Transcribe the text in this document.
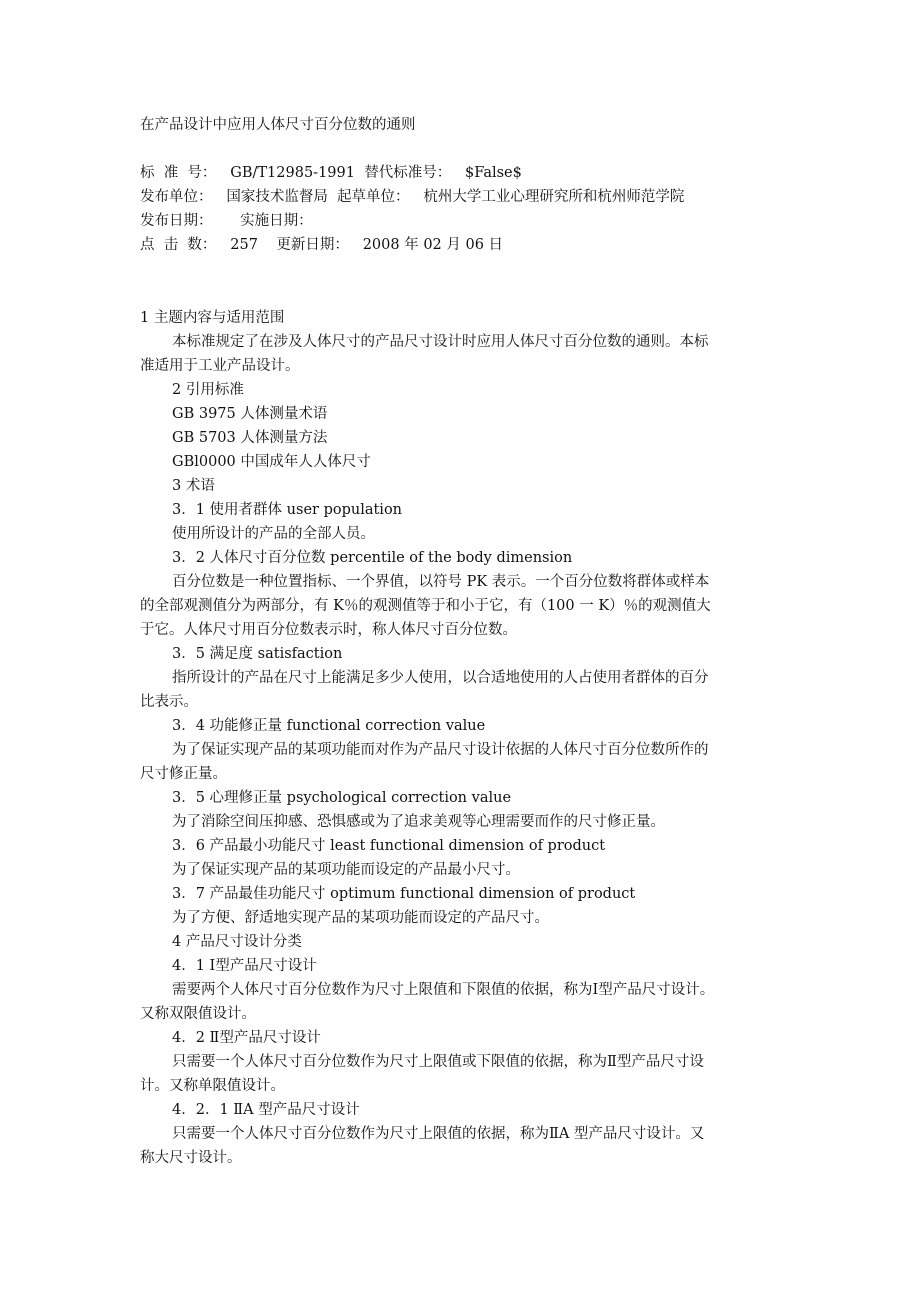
在产品设计中应用人体尺寸百分位数的通则
标  准  号：   GB/T12985-1991  替代标准号：   $False$
发布单位：   国家技术监督局  起草单位：   杭州大学工业心理研究所和杭州师范学院
发布日期：      实施日期：
点  击  数：   257    更新日期：   2008 年 02 月 06 日
1 主题内容与适用范围
本标准规定了在涉及人体尺寸的产品尺寸设计时应用人体尺寸百分位数的通则。本标
准适用于工业产品设计。
2 引用标准
GB 3975 人体测量术语
GB 5703 人体测量方法
GBl0000 中国成年人人体尺寸
3 术语
3．1 使用者群体 user population
使用所设计的产品的全部人员。
3．2 人体尺寸百分位数 percentile of the body dimension
百分位数是一种位置指标、一个界值，以符号 PK 表示。一个百分位数将群体或样本
的全部观测值分为两部分，有 K％的观测值等于和小于它，有（100 一 K）％的观测值大
于它。人体尺寸用百分位数表示时，称人体尺寸百分位数。
3．5 满足度 satisfaction
指所设计的产品在尺寸上能满足多少人使用，以合适地使用的人占使用者群体的百分
比表示。
3．4 功能修正量 functional correction value
为了保证实现产品的某项功能而对作为产品尺寸设计依据的人体尺寸百分位数所作的
尺寸修正量。
3．5 心理修正量 psychological correction value
为了消除空间压抑感、恐惧感或为了追求美观等心理需要而作的尺寸修正量。
3．6 产品最小功能尺寸 least functional dimension of product
为了保证实现产品的某项功能而设定的产品最小尺寸。
3．7 产品最佳功能尺寸 optimum functional dimension of product
为了方便、舒适地实现产品的某项功能而设定的产品尺寸。
4 产品尺寸设计分类
4．1 Ⅰ型产品尺寸设计
需要两个人体尺寸百分位数作为尺寸上限值和下限值的依据，称为Ⅰ型产品尺寸设计。
又称双限值设计。
4．2 Ⅱ型产品尺寸设计
只需要一个人体尺寸百分位数作为尺寸上限值或下限值的依据，称为Ⅱ型产品尺寸设
计。又称单限值设计。
4．2．1 ⅡA 型产品尺寸设计
只需要一个人体尺寸百分位数作为尺寸上限值的依据，称为ⅡA 型产品尺寸设计。又
称大尺寸设计。
